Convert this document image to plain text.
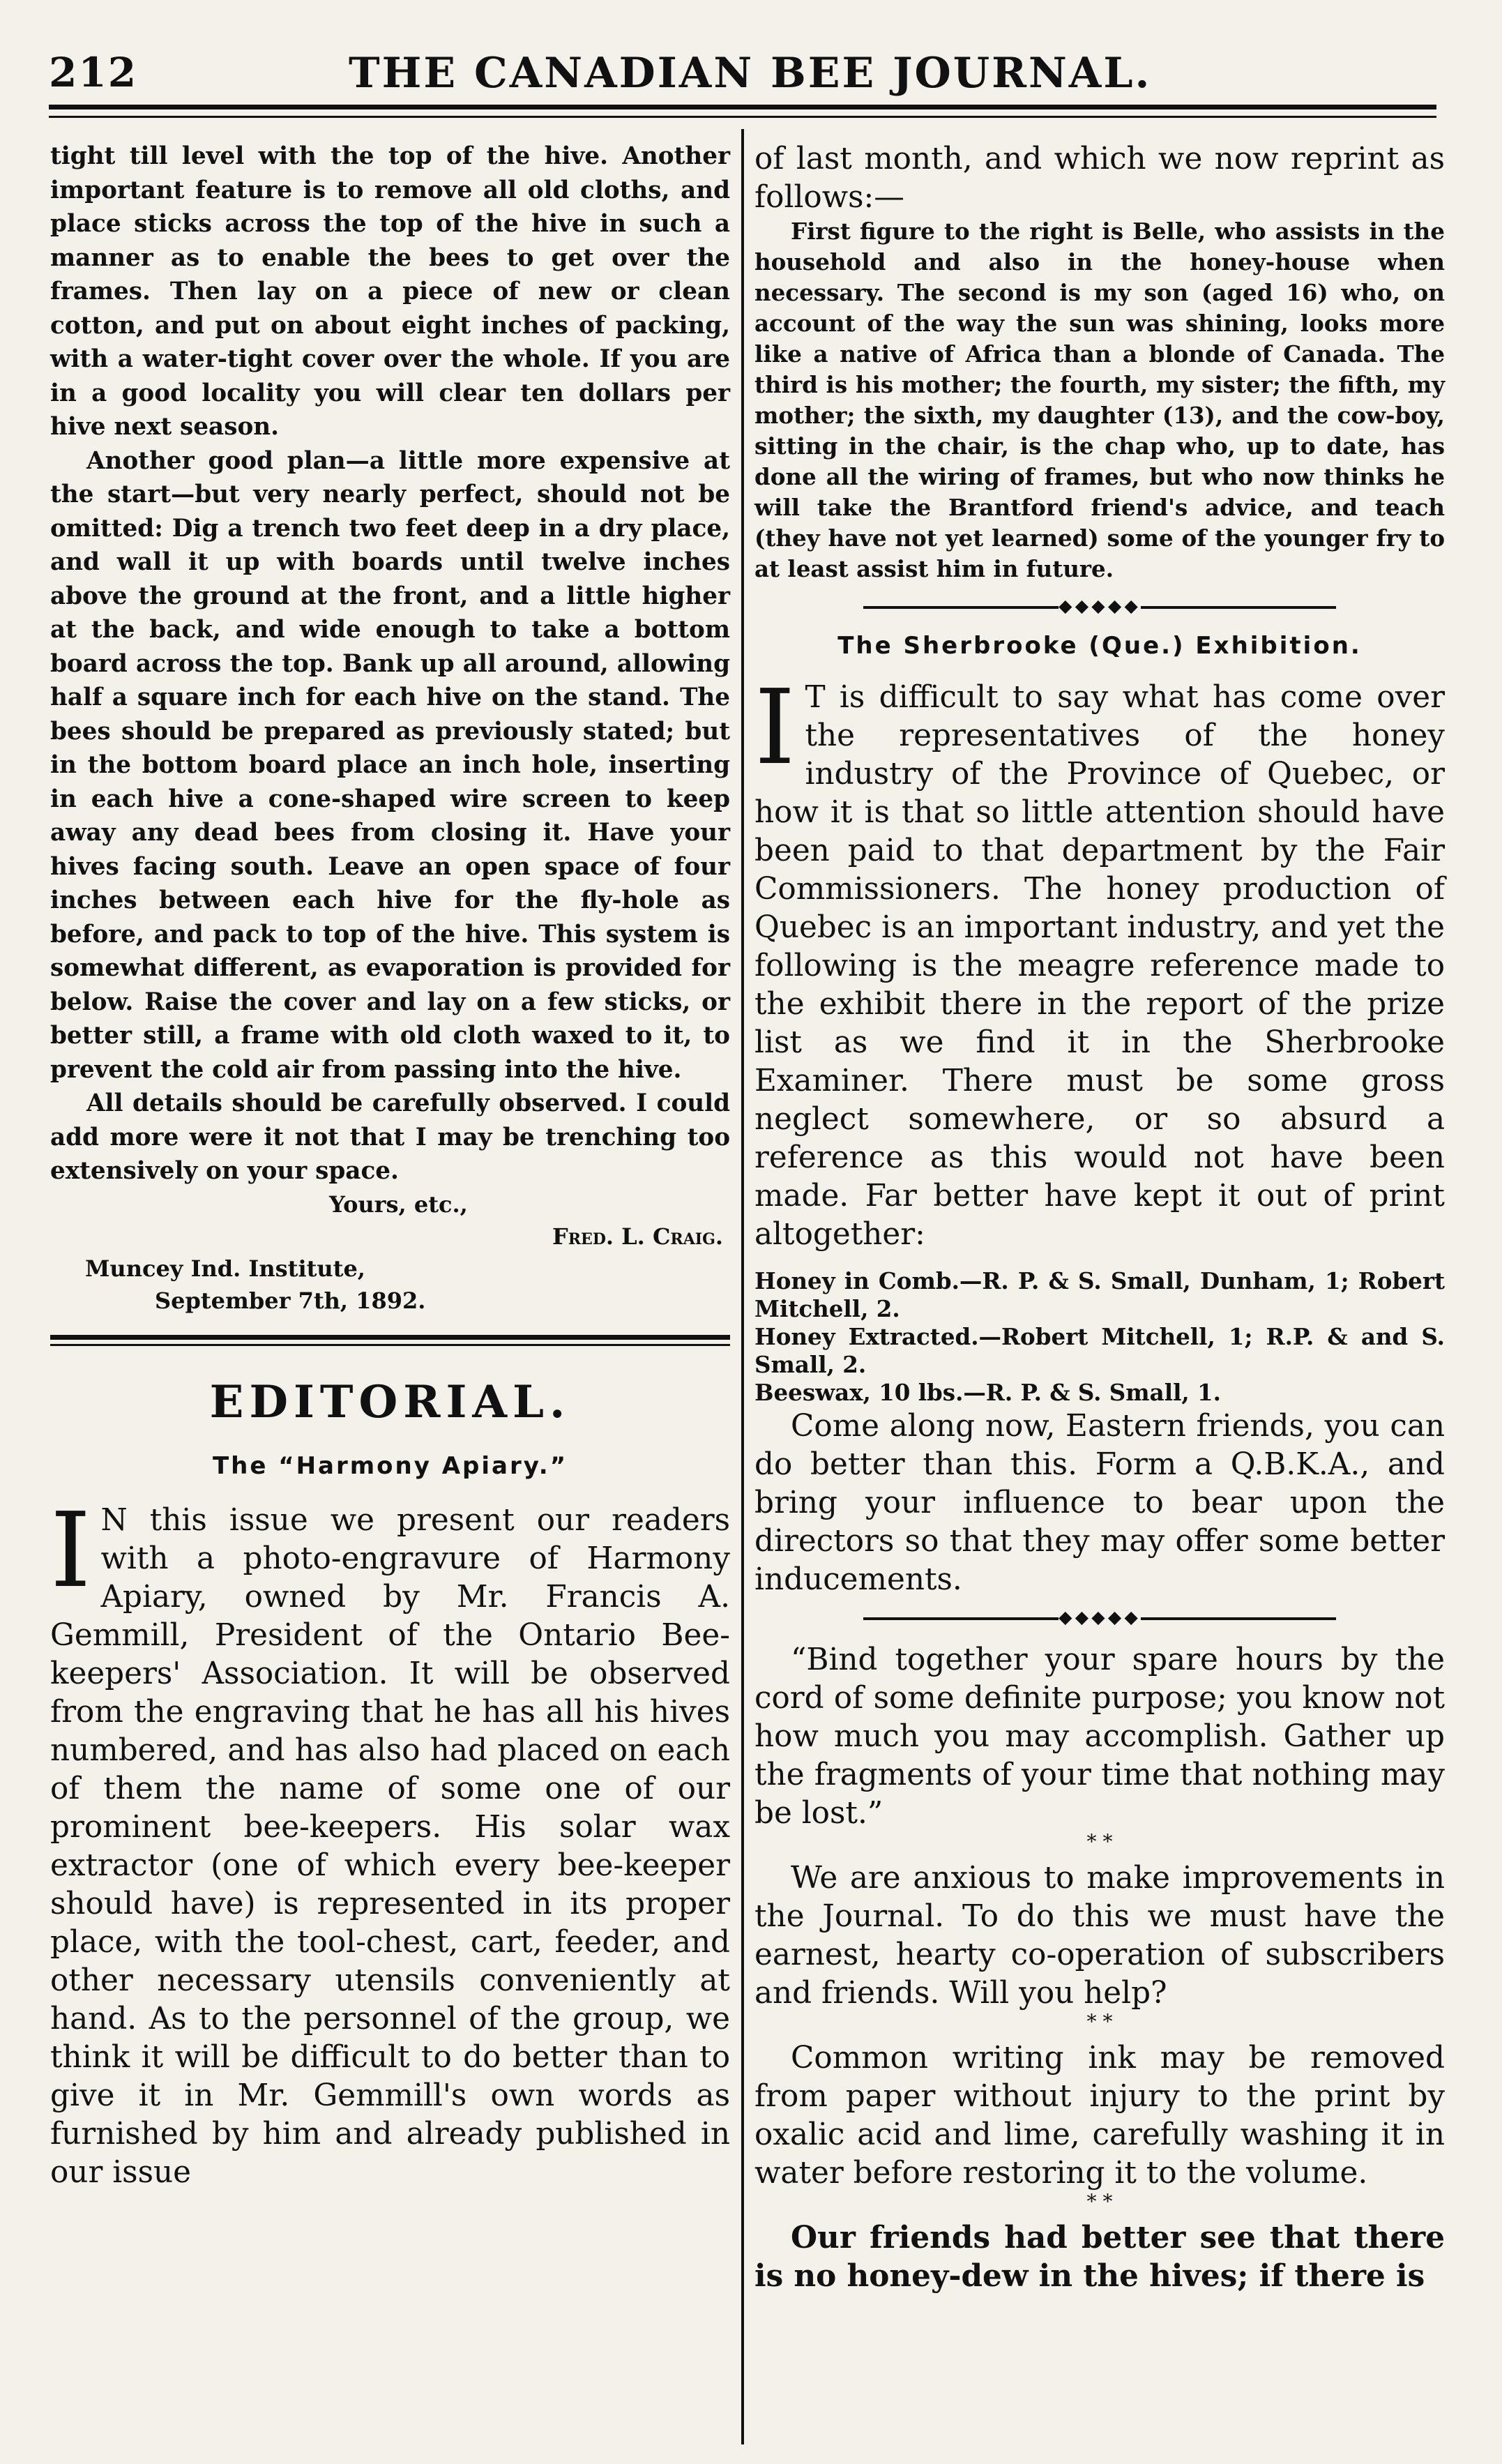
212	THE CANADIAN BEE JOURNAL.

tight till level with the top of the hive. Another important feature is to remove all old cloths, and place sticks across the top of the hive in such a manner as to enable the bees to get over the frames. Then lay on a piece of new or clean cotton, and put on about eight inches of packing, with a water-tight cover over the whole. If you are in a good locality you will clear ten dollars per hive next season.

Another good plan—a little more expensive at the start—but very nearly perfect, should not be omitted: Dig a trench two feet deep in a dry place, and wall it up with boards until twelve inches above the ground at the front, and a little higher at the back, and wide enough to take a bottom board across the top. Bank up all around, allowing half a square inch for each hive on the stand. The bees should be prepared as previously stated; but in the bottom board place an inch hole, inserting in each hive a cone-shaped wire screen to keep away any dead bees from closing it. Have your hives facing south. Leave an open space of four inches between each hive for the fly-hole as before, and pack to top of the hive. This system is somewhat different, as evaporation is provided for below. Raise the cover and lay on a few sticks, or better still, a frame with old cloth waxed to it, to prevent the cold air from passing into the hive.

All details should be carefully observed. I could add more were it not that I may be trenching too extensively on your space.

Yours, etc.,
Fred. L. Craig.
Muncey Ind. Institute,
September 7th, 1892.
EDITORIAL.
The “Harmony Apiary.”
I N this issue we present our readers with a photo-engravure of Harmony Apiary, owned by Mr. Francis A. Gemmill, President of the Ontario Bee-keepers' Association. It will be observed from the engraving that he has all his hives numbered, and has also had placed on each of them the name of some one of our prominent bee-keepers. His solar wax extractor (one of which every bee-keeper should have) is represented in its proper place, with the tool-chest, cart, feeder, and other necessary utensils conveniently at hand. As to the personnel of the group, we think it will be difficult to do better than to give it in Mr. Gemmill's own words as furnished by him and already published in our issue

of last month, and which we now reprint as follows:—

First figure to the right is Belle, who assists in the household and also in the honey-house when necessary. The second is my son (aged 16) who, on account of the way the sun was shining, looks more like a native of Africa than a blonde of Canada. The third is his mother; the fourth, my sister; the fifth, my mother; the sixth, my daughter (13), and the cow-boy, sitting in the chair, is the chap who, up to date, has done all the wiring of frames, but who now thinks he will take the Brantford friend's advice, and teach (they have not yet learned) some of the younger fry to at least assist him in future.

⬥⬥⬥⬥⬥
The Sherbrooke (Que.) Exhibition.
I T is difficult to say what has come over the representatives of the honey industry of the Province of Quebec, or how it is that so little attention should have been paid to that department by the Fair Commissioners. The honey production of Quebec is an important industry, and yet the following is the meagre reference made to the exhibit there in the report of the prize list as we find it in the Sherbrooke Examiner. There must be some gross neglect somewhere, or so absurd a reference as this would not have been made. Far better have kept it out of print altogether:

Honey in Comb.—R. P. & S. Small, Dunham, 1; Robert Mitchell, 2.

Honey Extracted.—Robert Mitchell, 1; R.P. & and S. Small, 2.

Beeswax, 10 lbs.—R. P. & S. Small, 1.

Come along now, Eastern friends, you can do better than this. Form a Q.B.K.A., and bring your influence to bear upon the directors so that they may offer some better inducements.

⬥⬥⬥⬥⬥

“Bind together your spare hours by the cord of some definite purpose; you know not how much you may accomplish. Gather up the fragments of your time that nothing may be lost.”

* *

We are anxious to make improvements in the Journal. To do this we must have the earnest, hearty co-operation of subscribers and friends. Will you help?

* *

Common writing ink may be removed from paper without injury to the print by oxalic acid and lime, carefully washing it in water before restoring it to the volume.

* *

Our friends had better see that there is no honey-dew in the hives; if there is
